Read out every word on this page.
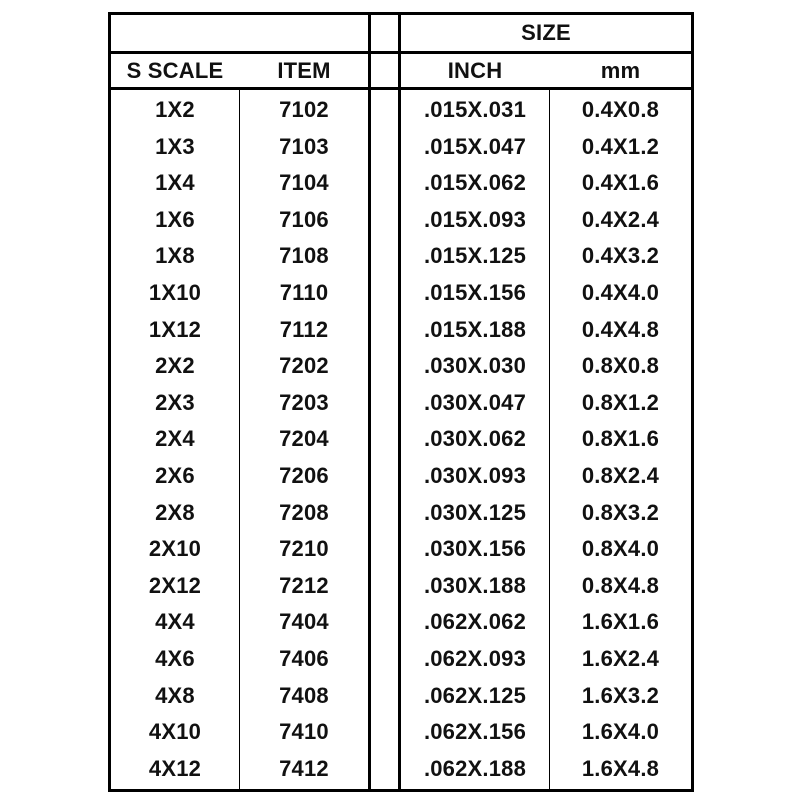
SIZE
S SCALE	ITEM	INCH	mm
1X2	7102	.015X.031	0.4X0.8
1X3	7103	.015X.047	0.4X1.2
1X4	7104	.015X.062	0.4X1.6
1X6	7106	.015X.093	0.4X2.4
1X8	7108	.015X.125	0.4X3.2
1X10	7110	.015X.156	0.4X4.0
1X12	7112	.015X.188	0.4X4.8
2X2	7202	.030X.030	0.8X0.8
2X3	7203	.030X.047	0.8X1.2
2X4	7204	.030X.062	0.8X1.6
2X6	7206	.030X.093	0.8X2.4
2X8	7208	.030X.125	0.8X3.2
2X10	7210	.030X.156	0.8X4.0
2X12	7212	.030X.188	0.8X4.8
4X4	7404	.062X.062	1.6X1.6
4X6	7406	.062X.093	1.6X2.4
4X8	7408	.062X.125	1.6X3.2
4X10	7410	.062X.156	1.6X4.0
4X12	7412	.062X.188	1.6X4.8
